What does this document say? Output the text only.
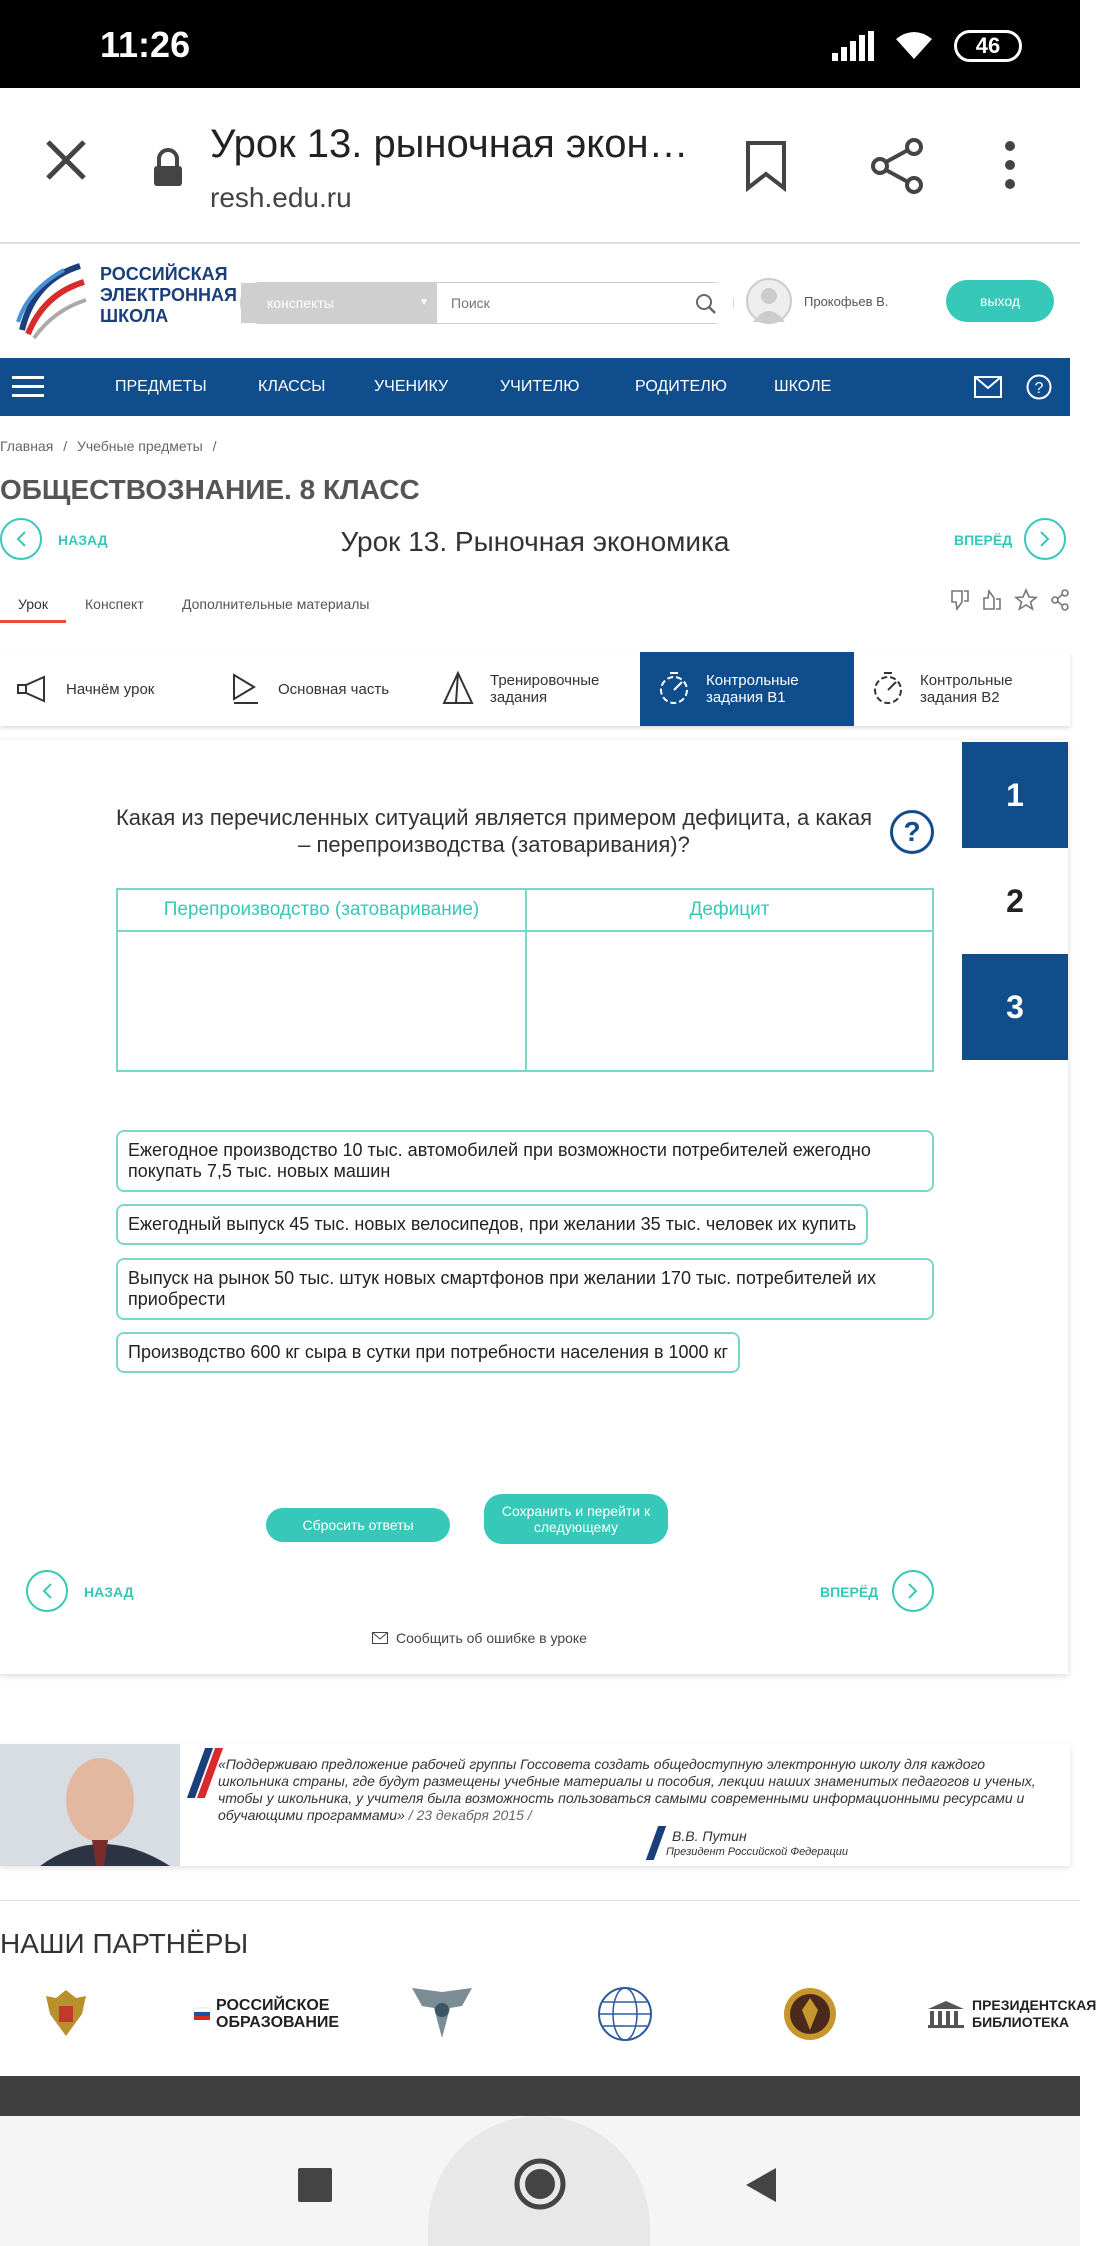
11:26	46
Урок 13. рыночная экон…
resh.edu.ru
РОССИЙСКАЯ
ЭЛЕКТРОННАЯ
ШКОЛА
конспекты	▼
Поиск	Прокофьев В.	выход
ПРЕДМЕТЫ	КЛАССЫ	УЧЕНИКУ	УЧИТЕЛЮ	РОДИТЕЛЮ	ШКОЛЕ	?
Главная / Учебные предметы /
ОБЩЕСТВОЗНАНИЕ. 8 КЛАСС
НАЗАД	Урок 13. Рыночная экономика	ВПЕРЁД
Урок	Конспект	Дополнительные материалы
Начнём урок	Основная часть	Тренировочные
задания
Контрольные
задания В1
Контрольные
задания В2
1
2
3
Какая из перечисленных ситуаций является примером дефицита, а какая – перепроизводства (затоваривания)?	?
Перепроизводство (затоваривание)	Дефицит
Ежегодное производство 10 тыс. автомобилей при возможности потребителей ежегодно покупать 7,5 тыс. новых машин
Ежегодный выпуск 45 тыс. новых велосипедов, при желании 35 тыс. человек их купить
Выпуск на рынок 50 тыс. штук новых смартфонов при желании 170 тыс. потребителей их приобрести
Производство 600 кг сыра в сутки при потребности населения в 1000 кг
Сбросить ответы
Сохранить и перейти к следующему
НАЗАД	ВПЕРЁД
Сообщить об ошибке в уроке
«Поддерживаю предложение рабочей группы Госсовета создать общедоступную электронную школу для каждого школьника страны, где будут размещены учебные материалы и пособия, лекции наших знаменитых педагогов и ученых, чтобы у школьника, у учителя была возможность пользоваться самыми современными информационными ресурсами и обучающими программами» / 23 декабря 2015 /
В.В. Путин
Президент Российской Федерации
НАШИ ПАРТНЁРЫ
РОССИЙСКОЕ
ОБРАЗОВАНИЕ
ПРЕЗИДЕНТСКАЯ
БИБЛИОТЕКА
